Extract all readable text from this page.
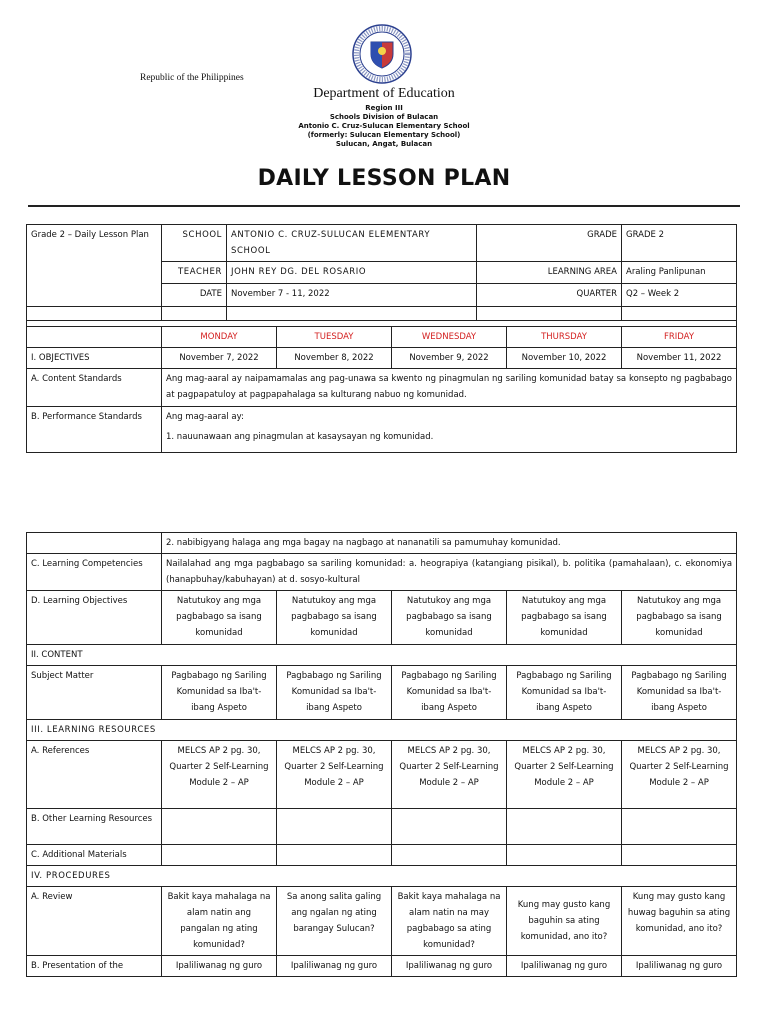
Republic of the Philippines
Department of Education
Region III
Schools Division of Bulacan
Antonio C. Cruz-Sulucan Elementary School
(formerly: Sulucan Elementary School)
Sulucan, Angat, Bulacan
DAILY LESSON PLAN
Grade 2 – Daily Lesson Plan	SCHOOL	ANTONIO C. CRUZ-SULUCAN ELEMENTARY SCHOOL	GRADE	GRADE 2
	TEACHER	JOHN REY DG. DEL ROSARIO	LEARNING AREA	Araling Panlipunan
	DATE	November 7 - 11, 2022	QUARTER	Q2 – Week 2

	MONDAY	TUESDAY	WEDNESDAY	THURSDAY	FRIDAY
I. OBJECTIVES	November 7, 2022	November 8, 2022	November 9, 2022	November 10, 2022	November 11, 2022
A. Content Standards	Ang mag-aaral ay naipamamalas ang pag-unawa sa kwento ng pinagmulan ng sariling komunidad batay sa konsepto ng pagbabago at pagpapatuloy at pagpapahalaga sa kulturang nabuo ng komunidad.				
B. Performance Standards	Ang mag-aaral ay:
1. nauunawaan ang pinagmulan at kasaysayan ng komunidad.				
	2. nabibigyang halaga ang mga bagay na nagbago at nananatili sa pamumuhay komunidad.				
C. Learning Competencies	Nailalahad ang mga pagbabago sa sariling komunidad: a. heograpiya (katangiang pisikal), b. politika (pamahalaan), c. ekonomiya (hanapbuhay/kabuhayan) at d. sosyo-kultural				
D. Learning Objectives	Natutukoy ang mga pagbabago sa isang komunidad	Natutukoy ang mga pagbabago sa isang komunidad	Natutukoy ang mga pagbabago sa isang komunidad	Natutukoy ang mga pagbabago sa isang komunidad	Natutukoy ang mga pagbabago sa isang komunidad
II. CONTENT					
Subject Matter	Pagbabago ng Sariling Komunidad sa Iba't-ibang Aspeto	Pagbabago ng Sariling Komunidad sa Iba't-ibang Aspeto	Pagbabago ng Sariling Komunidad sa Iba't-ibang Aspeto	Pagbabago ng Sariling Komunidad sa Iba't-ibang Aspeto	Pagbabago ng Sariling Komunidad sa Iba't-ibang Aspeto
III. LEARNING RESOURCES					
A. References	MELCS AP 2 pg. 30, Quarter 2 Self-Learning Module 2 – AP	MELCS AP 2 pg. 30, Quarter 2 Self-Learning Module 2 – AP	MELCS AP 2 pg. 30, Quarter 2 Self-Learning Module 2 – AP	MELCS AP 2 pg. 30, Quarter 2 Self-Learning Module 2 – AP	MELCS AP 2 pg. 30, Quarter 2 Self-Learning Module 2 – AP
B. Other Learning Resources					
C. Additional Materials					
IV. PROCEDURES					
A. Review	Bakit kaya mahalaga na alam natin ang pangalan ng ating komunidad?	Sa anong salita galing ang ngalan ng ating barangay Sulucan?	Bakit kaya mahalaga na alam natin na may pagbabago sa ating komunidad?	Kung may gusto kang baguhin sa ating komunidad, ano ito?	Kung may gusto kang huwag baguhin sa ating komunidad, ano ito?
B. Presentation of the	Ipaliliwanag ng guro	Ipaliliwanag ng guro	Ipaliliwanag ng guro	Ipaliliwanag ng guro	Ipaliliwanag ng guro
